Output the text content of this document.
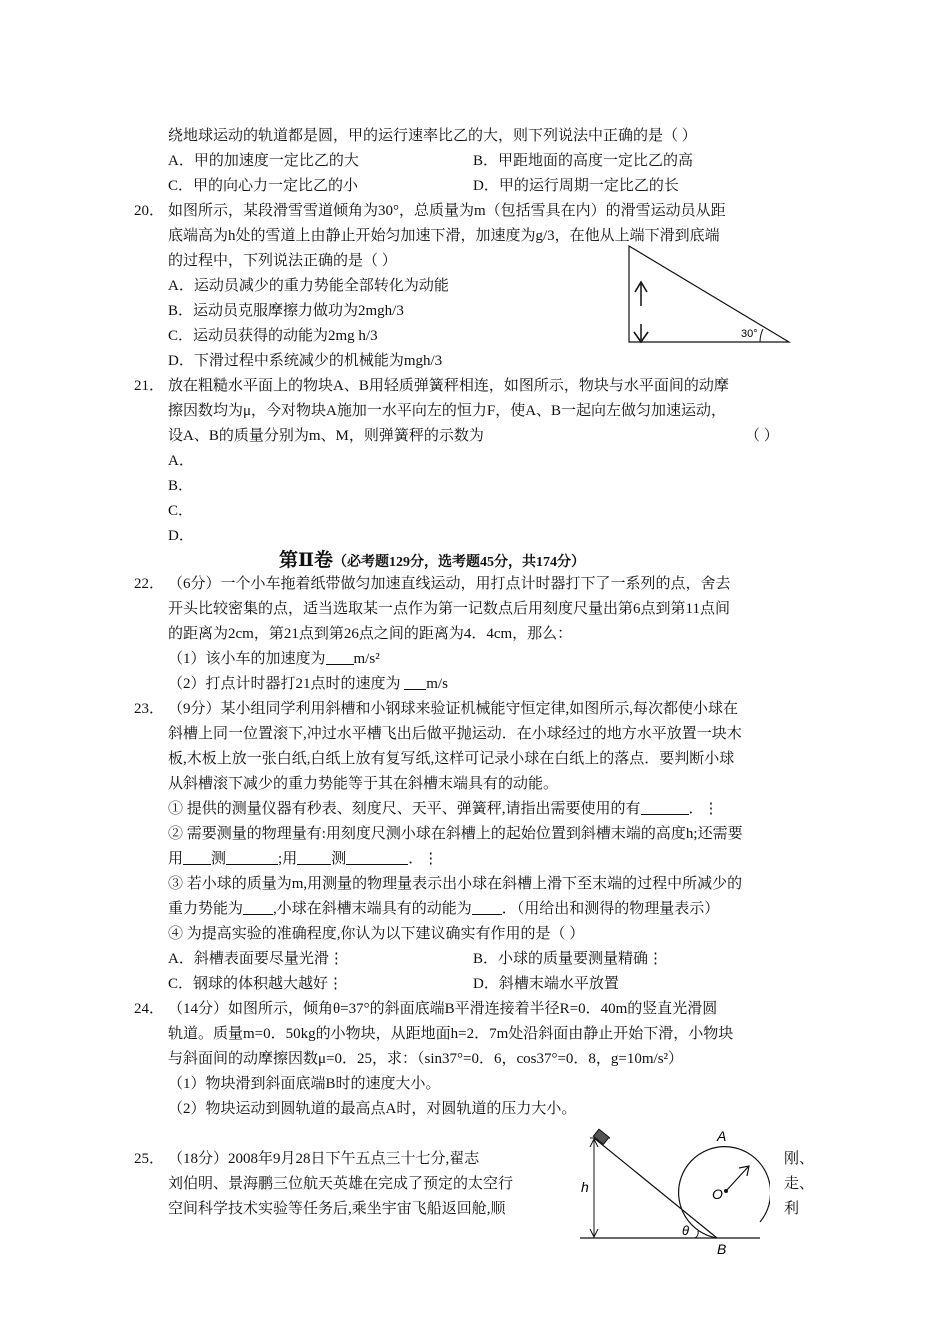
绕地球运动的轨道都是圆，甲的运行速率比乙的大，则下列说法中正确的是（ ）
A．甲的加速度一定比乙的大	B．甲距地面的高度一定比乙的高
C．甲的向心力一定比乙的小	D．甲的运行周期一定比乙的长
20． 如图所示，某段滑雪雪道倾角为30°，总质量为m（包括雪具在内）的滑雪运动员从距
底端高为h处的雪道上由静止开始匀加速下滑，加速度为g/3，在他从上端下滑到底端
的过程中，下列说法正确的是（ ）
A．运动员减少的重力势能全部转化为动能
B．运动员克服摩擦力做功为2mgh/3
C．运动员获得的动能为2mg h/3
D．下滑过程中系统减少的机械能为mgh/3
30°
21． 放在粗糙水平面上的物块A、B用轻质弹簧秤相连，如图所示，物块与水平面间的动摩
擦因数均为μ，今对物块A施加一水平向左的恒力F，使A、B一起向左做匀加速运动，
设A、B的质量分别为m、M，则弹簧秤的示数为	（ ）
A．
B．
C．
D．
第Ⅱ卷（必考题129分，选考题45分，共174分）
22． （6分）一个小车拖着纸带做匀加速直线运动，用打点计时器打下了一系列的点，舍去
开头比较密集的点，适当选取某一点作为第一记数点后用刻度尺量出第6点到第11点间
的距离为2cm，第21点到第26点之间的距离为4．4cm，那么：
（1）该小车的加速度为 m/s²
（2）打点计时器打21点时的速度为 m/s
23． （9分）某小组同学利用斜槽和小钢球来验证机械能守恒定律,如图所示,每次都使小球在
斜槽上同一位置滚下,冲过水平槽飞出后做平抛运动．在小球经过的地方水平放置一块木
板,木板上放一张白纸,白纸上放有复写纸,这样可记录小球在白纸上的落点．要判断小球
从斜槽滚下减少的重力势能等于其在斜槽末端具有的动能。
① 提供的测量仪器有秒表、刻度尺、天平、弹簧秤,请指出需要使用的有	．⋮
② 需要测量的物理量有:用刻度尺测小球在斜槽上的起始位置到斜槽末端的高度h;还需要
用 测	;用 测	．⋮
③ 若小球的质量为m,用测量的物理量表示出小球在斜槽上滑下至末端的过程中所减少的
重力势能为 ,小球在斜槽末端具有的动能为 ．（用给出和测得的物理量表示）
④ 为提高实验的准确程度,你认为以下建议确实有作用的是（ ）
A．斜槽表面要尽量光滑⋮	B．小球的质量要测量精确⋮
C．钢球的体积越大越好⋮	D．斜槽末端水平放置
24． （14分）如图所示，倾角θ=37°的斜面底端B平滑连接着半径R=0．40m的竖直光滑圆
轨道。质量m=0．50kg的小物块，从距地面h=2．7m处沿斜面由静止开始下滑，小物块
与斜面间的动摩擦因数μ=0．25，求：（sin37°=0．6，cos37°=0．8，g=10m/s²）
（1）物块滑到斜面底端B时的速度大小。
（2）物块运动到圆轨道的最高点A时，对圆轨道的压力大小。
25． （18分）2008年9月28日下午五点三十七分,翟志
刘伯明、景海鹏三位航天英雄在完成了预定的太空行
空间科学技术实验等任务后,乘坐宇宙飞船返回舱,顺
刚、
走、
利
h
θ
O
A
B
